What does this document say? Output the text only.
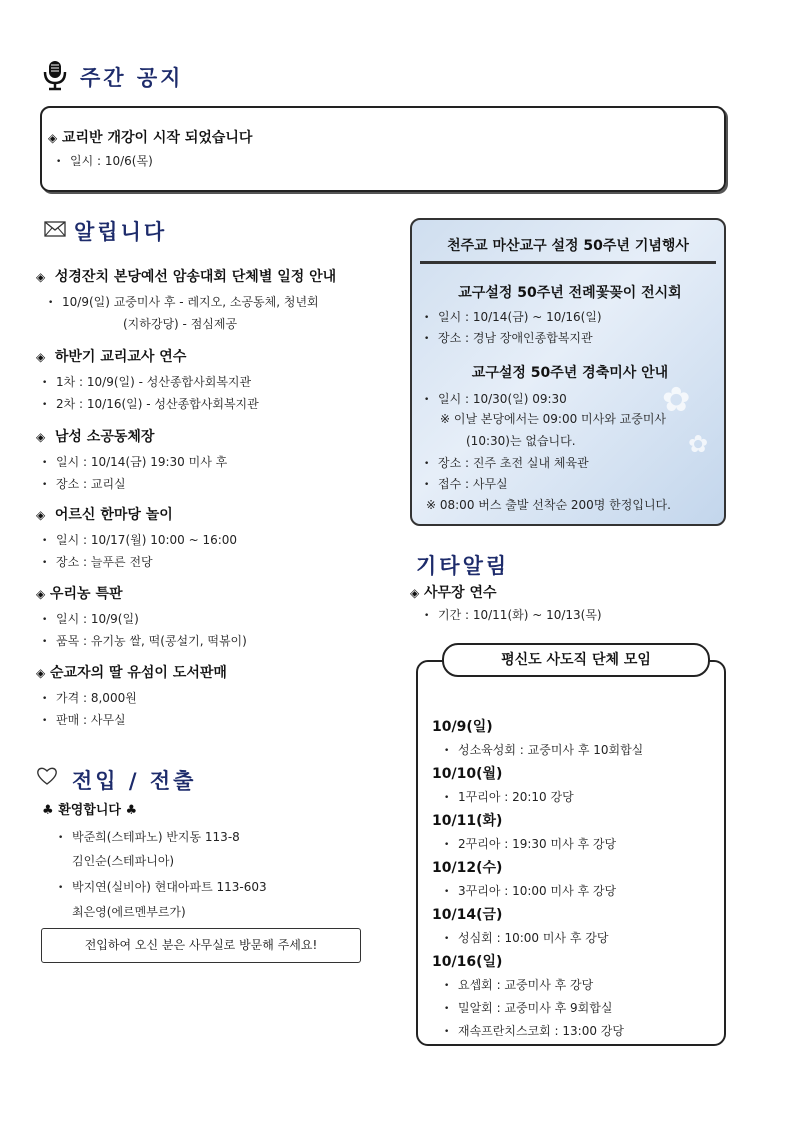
주간 공지
◈ 교리반 개강이 시작 되었습니다
• 일시 : 10/6(목)
알립니다
◈ 성경잔치 본당예선 암송대회 단체별 일정 안내
• 10/9(일) 교중미사 후 - 레지오, 소공동체, 청년회
(지하강당) - 점심제공
◈ 하반기 교리교사 연수
• 1차 : 10/9(일) - 성산종합사회복지관
• 2차 : 10/16(일) - 성산종합사회복지관
◈ 남성 소공동체장
• 일시 : 10/14(금) 19:30 미사 후
• 장소 : 교리실
◈ 어르신 한마당 놀이
• 일시 : 10/17(월) 10:00 ~ 16:00
• 장소 : 늘푸른 전당
◈ 우리농 특판
• 일시 : 10/9(일)
• 품목 : 유기농 쌀, 떡(콩설기, 떡볶이)
◈ 순교자의 딸 유섬이 도서판매
• 가격 : 8,000원
• 판매 : 사무실
전입 / 전출
♣ 환영합니다 ♣
• 박준희(스테파노) 반지동 113-8
김인순(스테파니아)
• 박지연(실비아) 현대아파트 113-603
최은영(에르멘부르가)
전입하여 오신 분은 사무실로 방문해 주세요!
✿
✿
✿
천주교 마산교구 설정 50주년 기념행사
교구설정 50주년 전례꽃꽂이 전시회
• 일시 : 10/14(금) ~ 10/16(일)
• 장소 : 경남 장애인종합복지관
교구설정 50주년 경축미사 안내
• 일시 : 10/30(일) 09:30
※ 이날 본당에서는 09:00 미사와 교중미사
(10:30)는 없습니다.
• 장소 : 진주 초전 실내 체육관
• 접수 : 사무실
※ 08:00 버스 출발 선착순 200명 한정입니다.
기타알림
◈ 사무장 연수
• 기간 : 10/11(화) ~ 10/13(목)
평신도 사도직 단체 모임
10/9(일)
• 성소육성회 : 교중미사 후 10회합실
10/10(월)
• 1꾸리아 : 20:10 강당
10/11(화)
• 2꾸리아 : 19:30 미사 후 강당
10/12(수)
• 3꾸리아 : 10:00 미사 후 강당
10/14(금)
• 성심회 : 10:00 미사 후 강당
10/16(일)
• 요셉회 : 교중미사 후 강당
• 밀알회 : 교중미사 후 9회합실
• 재속프란치스코회 : 13:00 강당
